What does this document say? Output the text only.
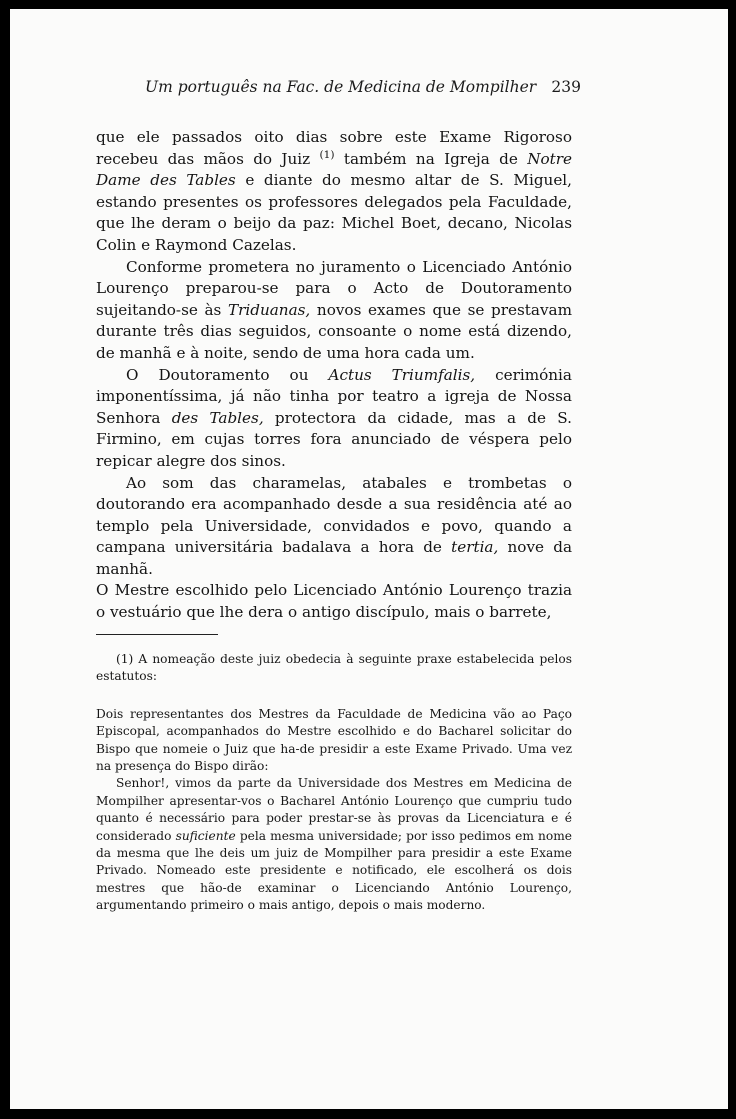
Um português na Fac. de Medicina de Mompilher 239

que ele passados oito dias sobre este Exame Rigoroso recebeu das mãos do Juiz $^{(1)}$ também na Igreja de Notre Dame des Tables e diante do mesmo altar de S. Miguel, estando presentes os professores delegados pela Faculdade, que lhe deram o beijo da paz: Michel Boet, decano, Nicolas Colin e Raymond Cazelas.

Conforme prometera no juramento o Licenciado António Lourenço preparou-se para o Acto de Doutoramento sujeitando-se às Triduanas, novos exames que se prestavam durante três dias seguidos, consoante o nome está dizendo, de manhã e à noite, sendo de uma hora cada um.

O Doutoramento ou Actus Triumfalis, cerimónia imponentíssima, já não tinha por teatro a igreja de Nossa Senhora des Tables, protectora da cidade, mas a de S. Firmino, em cujas torres fora anunciado de véspera pelo repicar alegre dos sinos.

Ao som das charamelas, atabales e trombetas o doutorando era acompanhado desde a sua residência até ao templo pela Universidade, convidados e povo, quando a campana universitária badalava a hora de tertia, nove da manhã.

O Mestre escolhido pelo Licenciado António Lourenço trazia o vestuário que lhe dera o antigo discípulo, mais o barrete,

(1) A nomeação deste juiz obedecia à seguinte praxe estabelecida pelos estatutos:

Dois representantes dos Mestres da Faculdade de Medicina vão ao Paço Episcopal, acompanhados do Mestre escolhido e do Bacharel solicitar do Bispo que nomeie o Juiz que ha-de presidir a este Exame Privado. Uma vez na presença do Bispo dirão:

Senhor!, vimos da parte da Universidade dos Mestres em Medicina de Mompilher apresentar-vos o Bacharel António Lourenço que cumpriu tudo quanto é necessário para poder prestar-se às provas da Licenciatura e é considerado suficiente pela mesma universidade; por isso pedimos em nome da mesma que lhe deis um juiz de Mompilher para presidir a este Exame Privado. Nomeado este presidente e notificado, ele escolherá os dois mestres que hão-de examinar o Licenciando António Lourenço, argumentando primeiro o mais antigo, depois o mais moderno.
